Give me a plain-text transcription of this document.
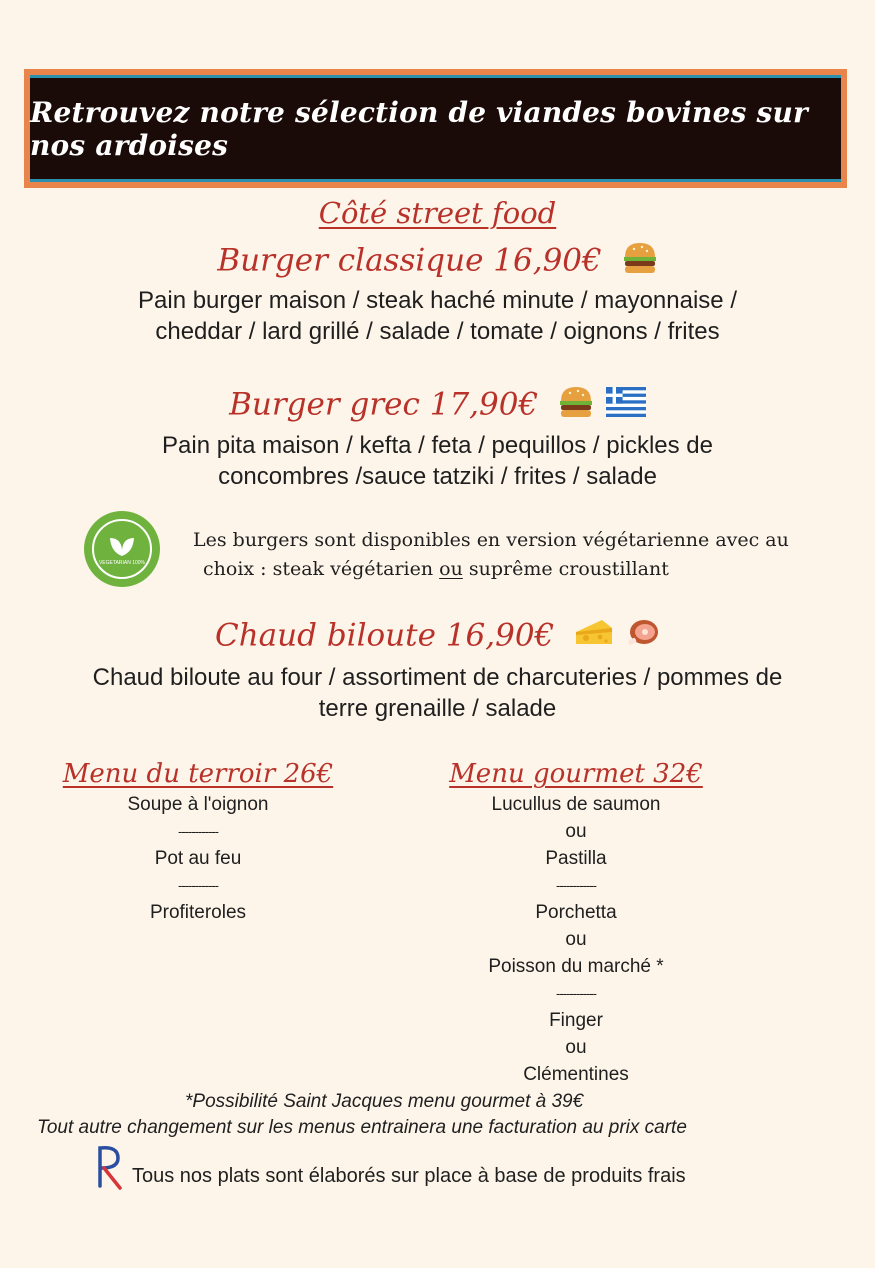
Retrouvez notre sélection de viandes bovines sur nos ardoises
Côté street food
Burger classique 16,90€
Pain burger maison / steak haché minute / mayonnaise /
cheddar / lard grillé / salade / tomate / oignons / frites
Burger grec 17,90€
Pain pita maison / kefta / feta / pequillos / pickles de
concombres /sauce tatziki / frites / salade
VEGETARIAN 100%
Les burgers sont disponibles en version végétarienne avec au
choix : steak végétarien ou suprême croustillant
Chaud biloute 16,90€
Chaud biloute au four / assortiment de charcuteries / pommes de
terre grenaille / salade
Menu du terroir 26€
Soupe à l'oignon
------------
Pot au feu
------------
Profiteroles
Menu gourmet 32€
Lucullus de saumon
ou
Pastilla
------------
Porchetta
ou
Poisson du marché *
------------
Finger
ou
Clémentines
*Possibilité Saint Jacques menu gourmet à 39€
Tout autre changement sur les menus entrainera une facturation au prix carte
Tous nos plats sont élaborés sur place à base de produits frais
